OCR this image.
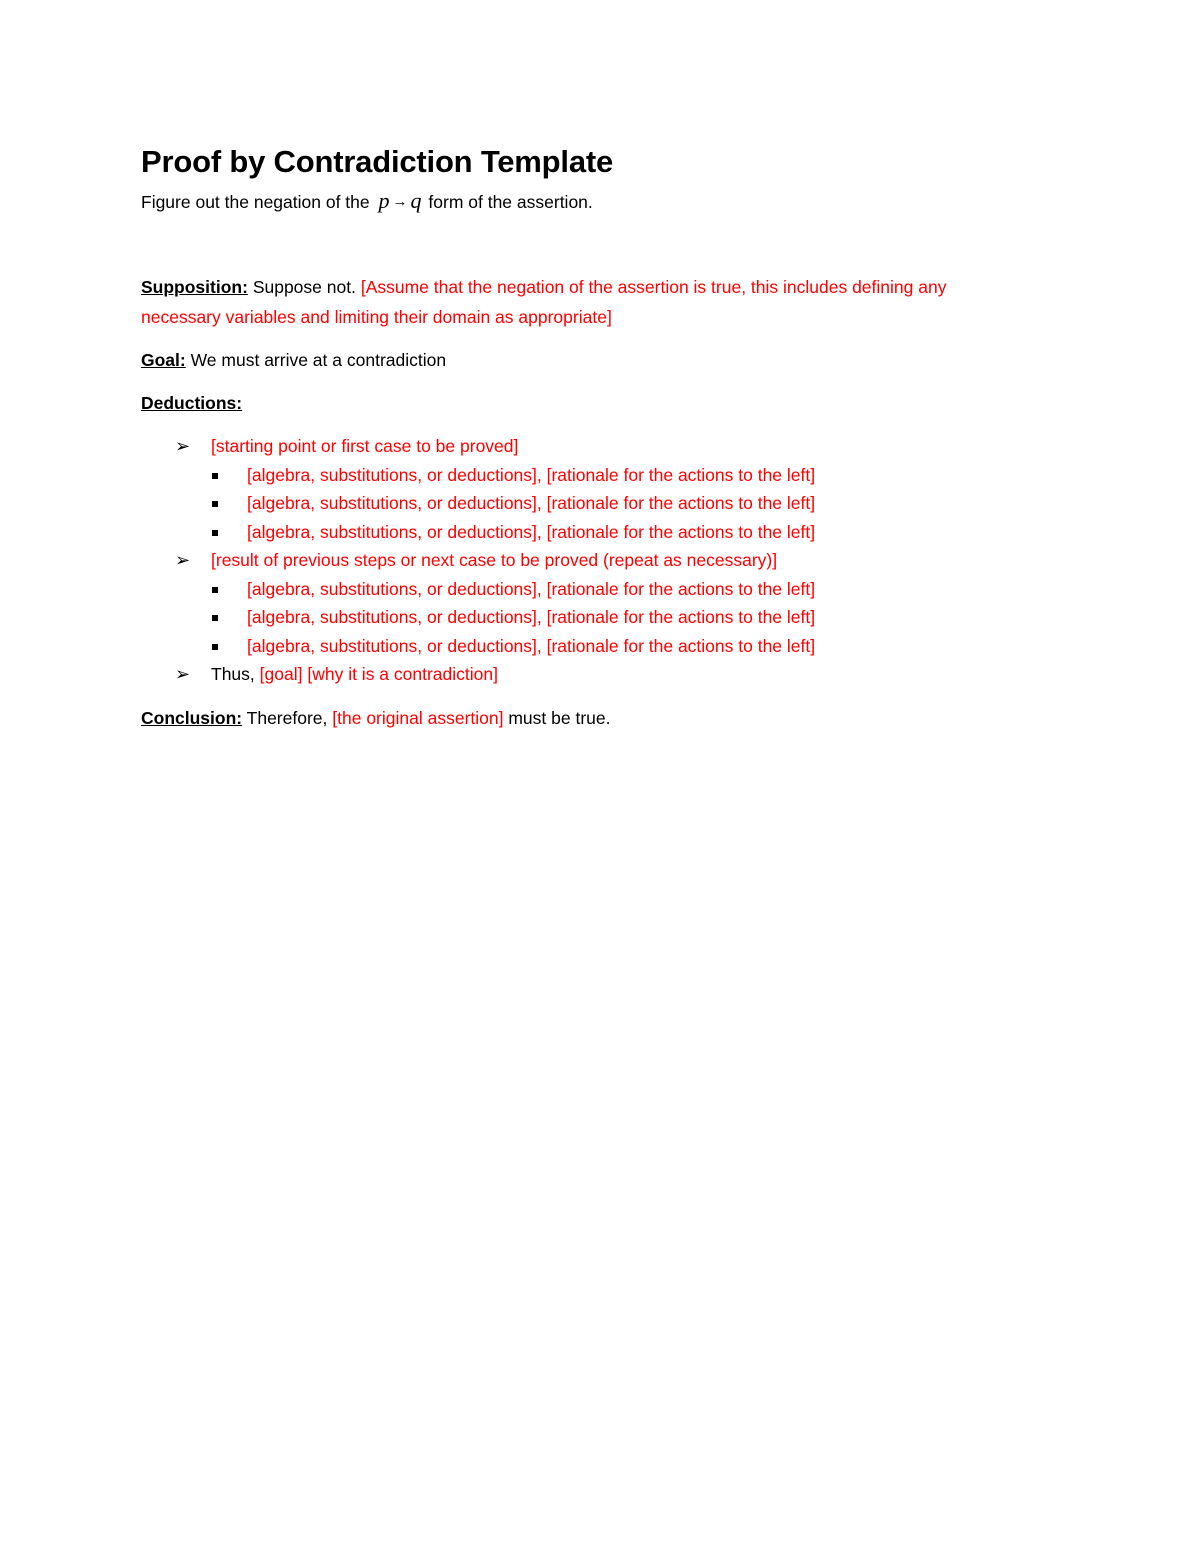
Proof by Contradiction Template

Figure out the negation of the p → q form of the assertion.

Supposition: Suppose not. [Assume that the negation of the assertion is true, this includes defining any
necessary variables and limiting their domain as appropriate]

Goal: We must arrive at a contradiction

Deductions:

➢ [starting point or first case to be proved]
[algebra, substitutions, or deductions], [rationale for the actions to the left]
[algebra, substitutions, or deductions], [rationale for the actions to the left]
[algebra, substitutions, or deductions], [rationale for the actions to the left]
➢ [result of previous steps or next case to be proved (repeat as necessary)]
[algebra, substitutions, or deductions], [rationale for the actions to the left]
[algebra, substitutions, or deductions], [rationale for the actions to the left]
[algebra, substitutions, or deductions], [rationale for the actions to the left]
➢ Thus, [goal] [why it is a contradiction]

Conclusion: Therefore, [the original assertion] must be true.
